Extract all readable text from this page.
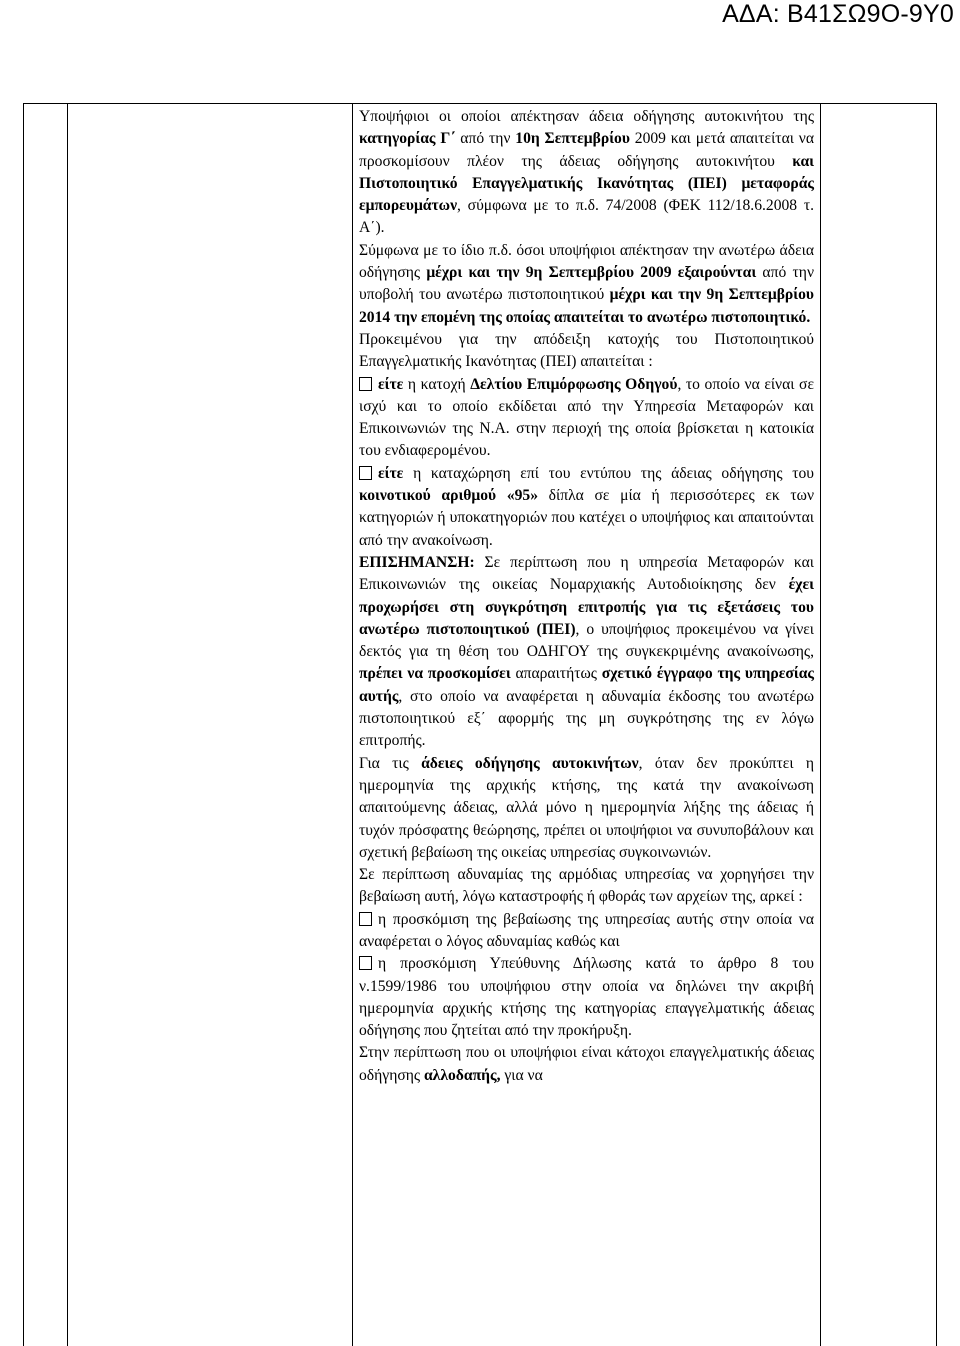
ΑΔΑ: Β41ΣΩ9Ο-9Υ0

Υποψήφιοι οι οποίοι απέκτησαν άδεια οδήγησης αυτοκινήτου της κατηγορίας Γ΄ από την 10η Σεπτεμβρίου 2009 και μετά απαιτείται να προσκομίσουν πλέον της άδειας οδήγησης αυτοκινήτου και Πιστοποιητικό Επαγγελματικής Ικανότητας (ΠΕΙ) μεταφοράς εμπορευμάτων, σύμφωνα με το π.δ. 74/2008 (ΦΕΚ 112/18.6.2008 τ. Α΄).

Σύμφωνα με το ίδιο π.δ. όσοι υποψήφιοι απέκτησαν την ανωτέρω άδεια οδήγησης μέχρι και την 9η Σεπτεμβρίου 2009 εξαιρούνται από την υποβολή του ανωτέρω πιστοποιητικού μέχρι και την 9η Σεπτεμβρίου 2014 την επομένη της οποίας απαιτείται το ανωτέρω πιστοποιητικό.

Προκειμένου για την απόδειξη κατοχής του Πιστοποιητικού Επαγγελματικής Ικανότητας (ΠΕΙ) απαιτείται :

είτε η κατοχή Δελτίου Επιμόρφωσης Οδηγού, το οποίο να είναι σε ισχύ και το οποίο εκδίδεται από την Υπηρεσία Μεταφορών και Επικοινωνιών της Ν.Α. στην περιοχή της οποία βρίσκεται η κατοικία του ενδιαφερομένου.

είτε η καταχώρηση επί του εντύπου της άδειας οδήγησης του κοινοτικού αριθμού «95» δίπλα σε μία ή περισσότερες εκ των κατηγοριών ή υποκατηγοριών που κατέχει ο υποψήφιος και απαιτούνται από την ανακοίνωση.

ΕΠΙΣΗΜΑΝΣΗ: Σε περίπτωση που η υπηρεσία Μεταφορών και Επικοινωνιών της οικείας Νομαρχιακής Αυτοδιοίκησης δεν έχει προχωρήσει στη συγκρότηση επιτροπής για τις εξετάσεις του ανωτέρω πιστοποιητικού (ΠΕΙ), ο υποψήφιος προκειμένου να γίνει δεκτός για τη θέση του ΟΔΗΓΟΥ της συγκεκριμένης ανακοίνωσης, πρέπει να προσκομίσει απαραιτήτως σχετικό έγγραφο της υπηρεσίας αυτής, στο οποίο να αναφέρεται η αδυναμία έκδοσης του ανωτέρω πιστοποιητικού εξ΄ αφορμής της μη συγκρότησης της εν λόγω επιτροπής.

Για τις άδειες οδήγησης αυτοκινήτων, όταν δεν προκύπτει η ημερομηνία της αρχικής κτήσης, της κατά την ανακοίνωση απαιτούμενης άδειας, αλλά μόνο η ημερομηνία λήξης της άδειας ή τυχόν πρόσφατης θεώρησης, πρέπει οι υποψήφιοι να συνυποβάλουν και σχετική βεβαίωση της οικείας υπηρεσίας συγκοινωνιών.

Σε περίπτωση αδυναμίας της αρμόδιας υπηρεσίας να χορηγήσει την βεβαίωση αυτή, λόγω καταστροφής ή φθοράς των αρχείων της, αρκεί :

η προσκόμιση της βεβαίωσης της υπηρεσίας αυτής στην οποία να αναφέρεται ο λόγος αδυναμίας καθώς και

η προσκόμιση Υπεύθυνης Δήλωσης κατά το άρθρο 8 του ν.1599/1986 του υποψήφιου στην οποία να δηλώνει την ακριβή ημερομηνία αρχικής κτήσης της κατηγορίας επαγγελματικής άδειας οδήγησης που ζητείται από την προκήρυξη.

Στην περίπτωση που οι υποψήφιοι είναι κάτοχοι επαγγελματικής άδειας οδήγησης αλλοδαπής, για να
